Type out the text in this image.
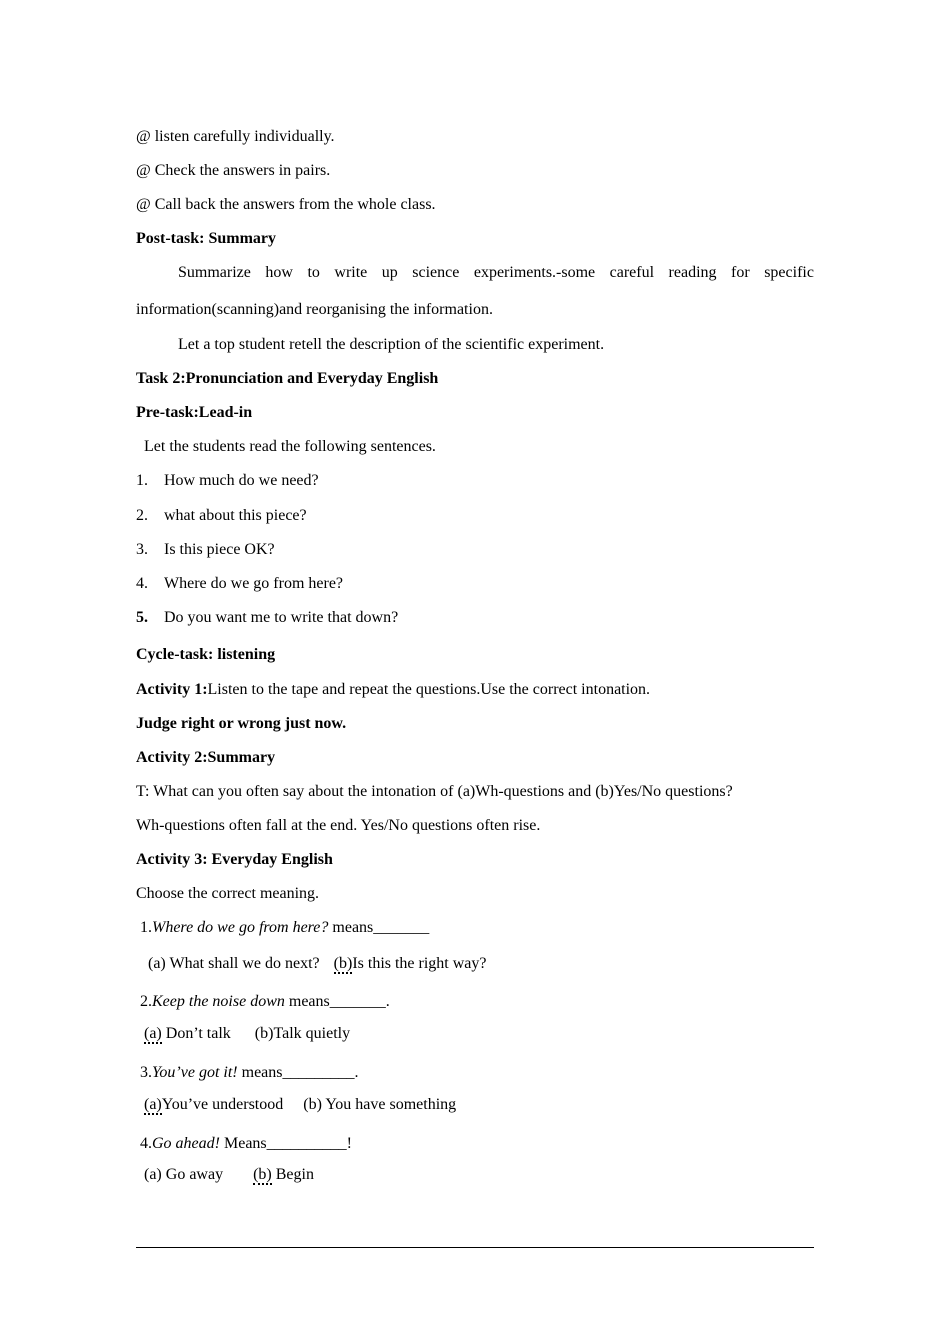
@ listen carefully individually.
@ Check the answers in pairs.
@ Call back the answers from the whole class.
Post-task: Summary
Summarize how to write up science experiments.-some careful reading for specific
information(scanning)and reorganising the information.
Let a top student retell the description of the scientific experiment.
Task 2:Pronunciation and Everyday English
Pre-task:Lead-in
Let the students read the following sentences.
1. How much do we need?
2. what about this piece?
3. Is this piece OK?
4. Where do we go from here?
5. Do you want me to write that down?
Cycle-task: listening
Activity 1:Listen to the tape and repeat the questions.Use the correct intonation.
Judge right or wrong just now.
Activity 2:Summary
T: What can you often say about the intonation of (a)Wh-questions and (b)Yes/No questions?
Wh-questions often fall at the end. Yes/No questions often rise.
Activity 3: Everyday English
Choose the correct meaning.
1.Where do we go from here? means_______
(a) What shall we do next? (b)Is this the right way?
2.Keep the noise down means_______.
(a) Don’t talk (b)Talk quietly
3.You’ve got it! means_________.
(a)You’ve understood (b) You have something
4.Go ahead! Means__________!
(a) Go away (b) Begin
